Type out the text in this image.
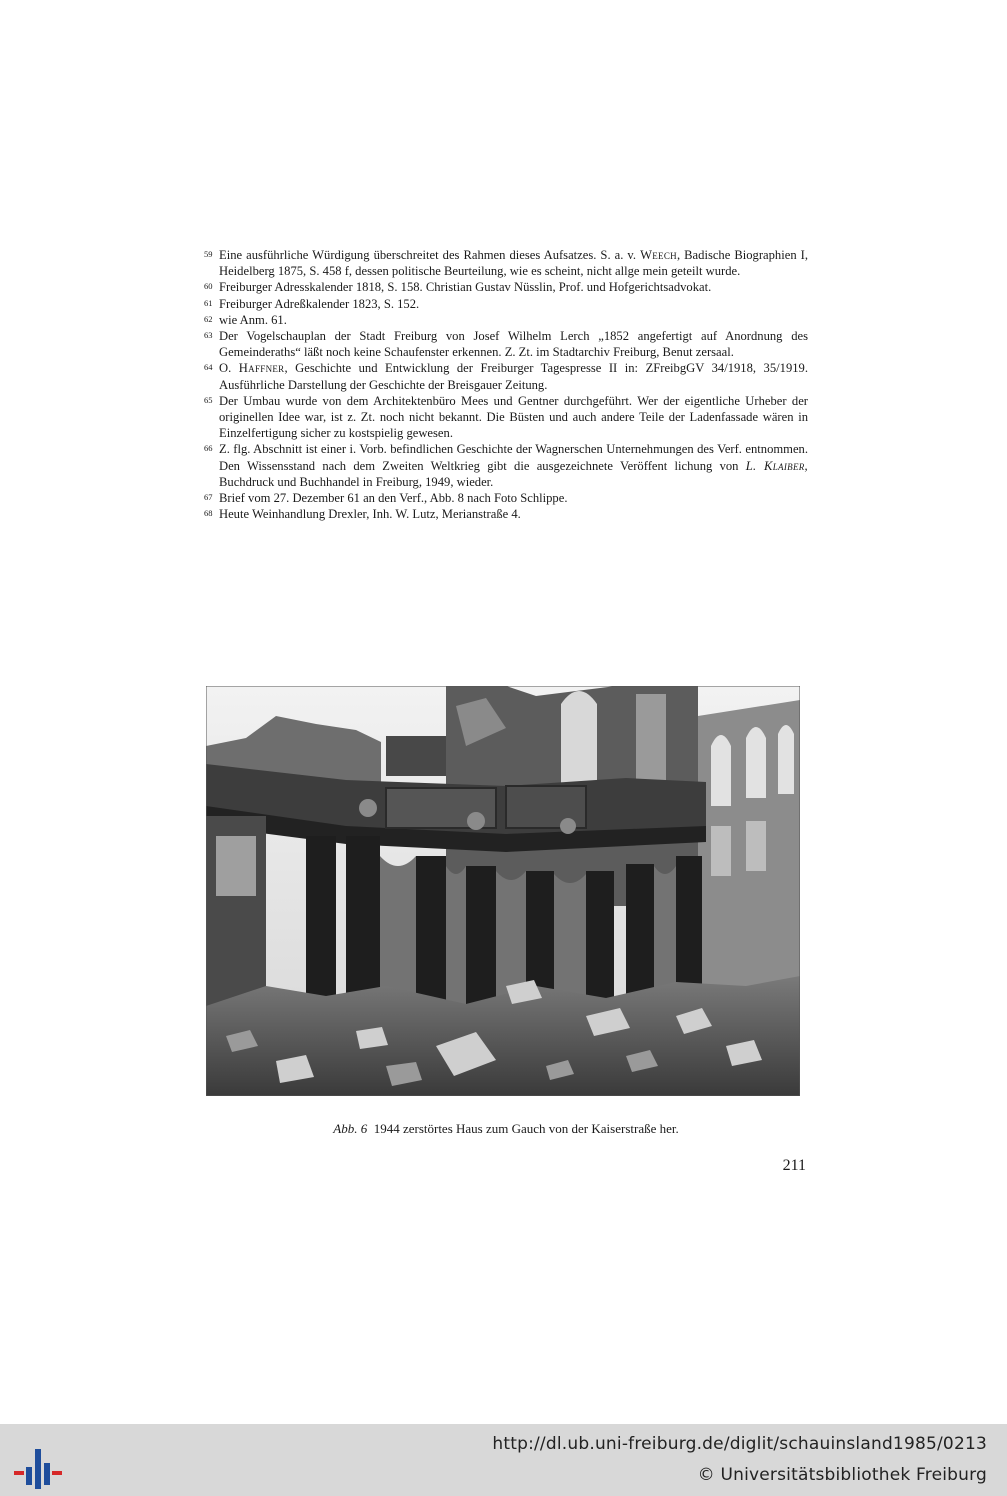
59 Eine ausführliche Würdigung überschreitet des Rahmen dieses Aufsatzes. S. a. v. Weech, Badische Biographien I, Heidelberg 1875, S. 458 f, dessen politische Beurteilung, wie es scheint, nicht allge mein geteilt wurde.
60 Freiburger Adresskalender 1818, S. 158. Christian Gustav Nüsslin, Prof. und Hofgerichtsadvokat.
61 Freiburger Adreßkalender 1823, S. 152.
62 wie Anm. 61.
63 Der Vogelschauplan der Stadt Freiburg von Josef Wilhelm Lerch „1852 angefertigt auf Anordnung des Gemeinderaths“ läßt noch keine Schaufenster erkennen. Z. Zt. im Stadtarchiv Freiburg, Benut zersaal.
64 O. Haffner, Geschichte und Entwicklung der Freiburger Tagespresse II in: ZFreibgGV 34/1918, 35/1919. Ausführliche Darstellung der Geschichte der Breisgauer Zeitung.
65 Der Umbau wurde von dem Architektenbüro Mees und Gentner durchgeführt. Wer der eigentliche Urheber der originellen Idee war, ist z. Zt. noch nicht bekannt. Die Büsten und auch andere Teile der Ladenfassade wären in Einzelfertigung sicher zu kostspielig gewesen.
66 Z. flg. Abschnitt ist einer i. Vorb. befindlichen Geschichte der Wagnerschen Unternehmungen des Verf. entnommen. Den Wissensstand nach dem Zweiten Weltkrieg gibt die ausgezeichnete Veröffent lichung von L. Klaiber, Buchdruck und Buchhandel in Freiburg, 1949, wieder.
67 Brief vom 27. Dezember 61 an den Verf., Abb. 8 nach Foto Schlippe.
68 Heute Weinhandlung Drexler, Inh. W. Lutz, Merianstraße 4.
Abb. 6 1944 zerstörtes Haus zum Gauch von der Kaiserstraße her.
211
http://dl.ub.uni-freiburg.de/diglit/schauinsland1985/0213
© Universitätsbibliothek Freiburg
